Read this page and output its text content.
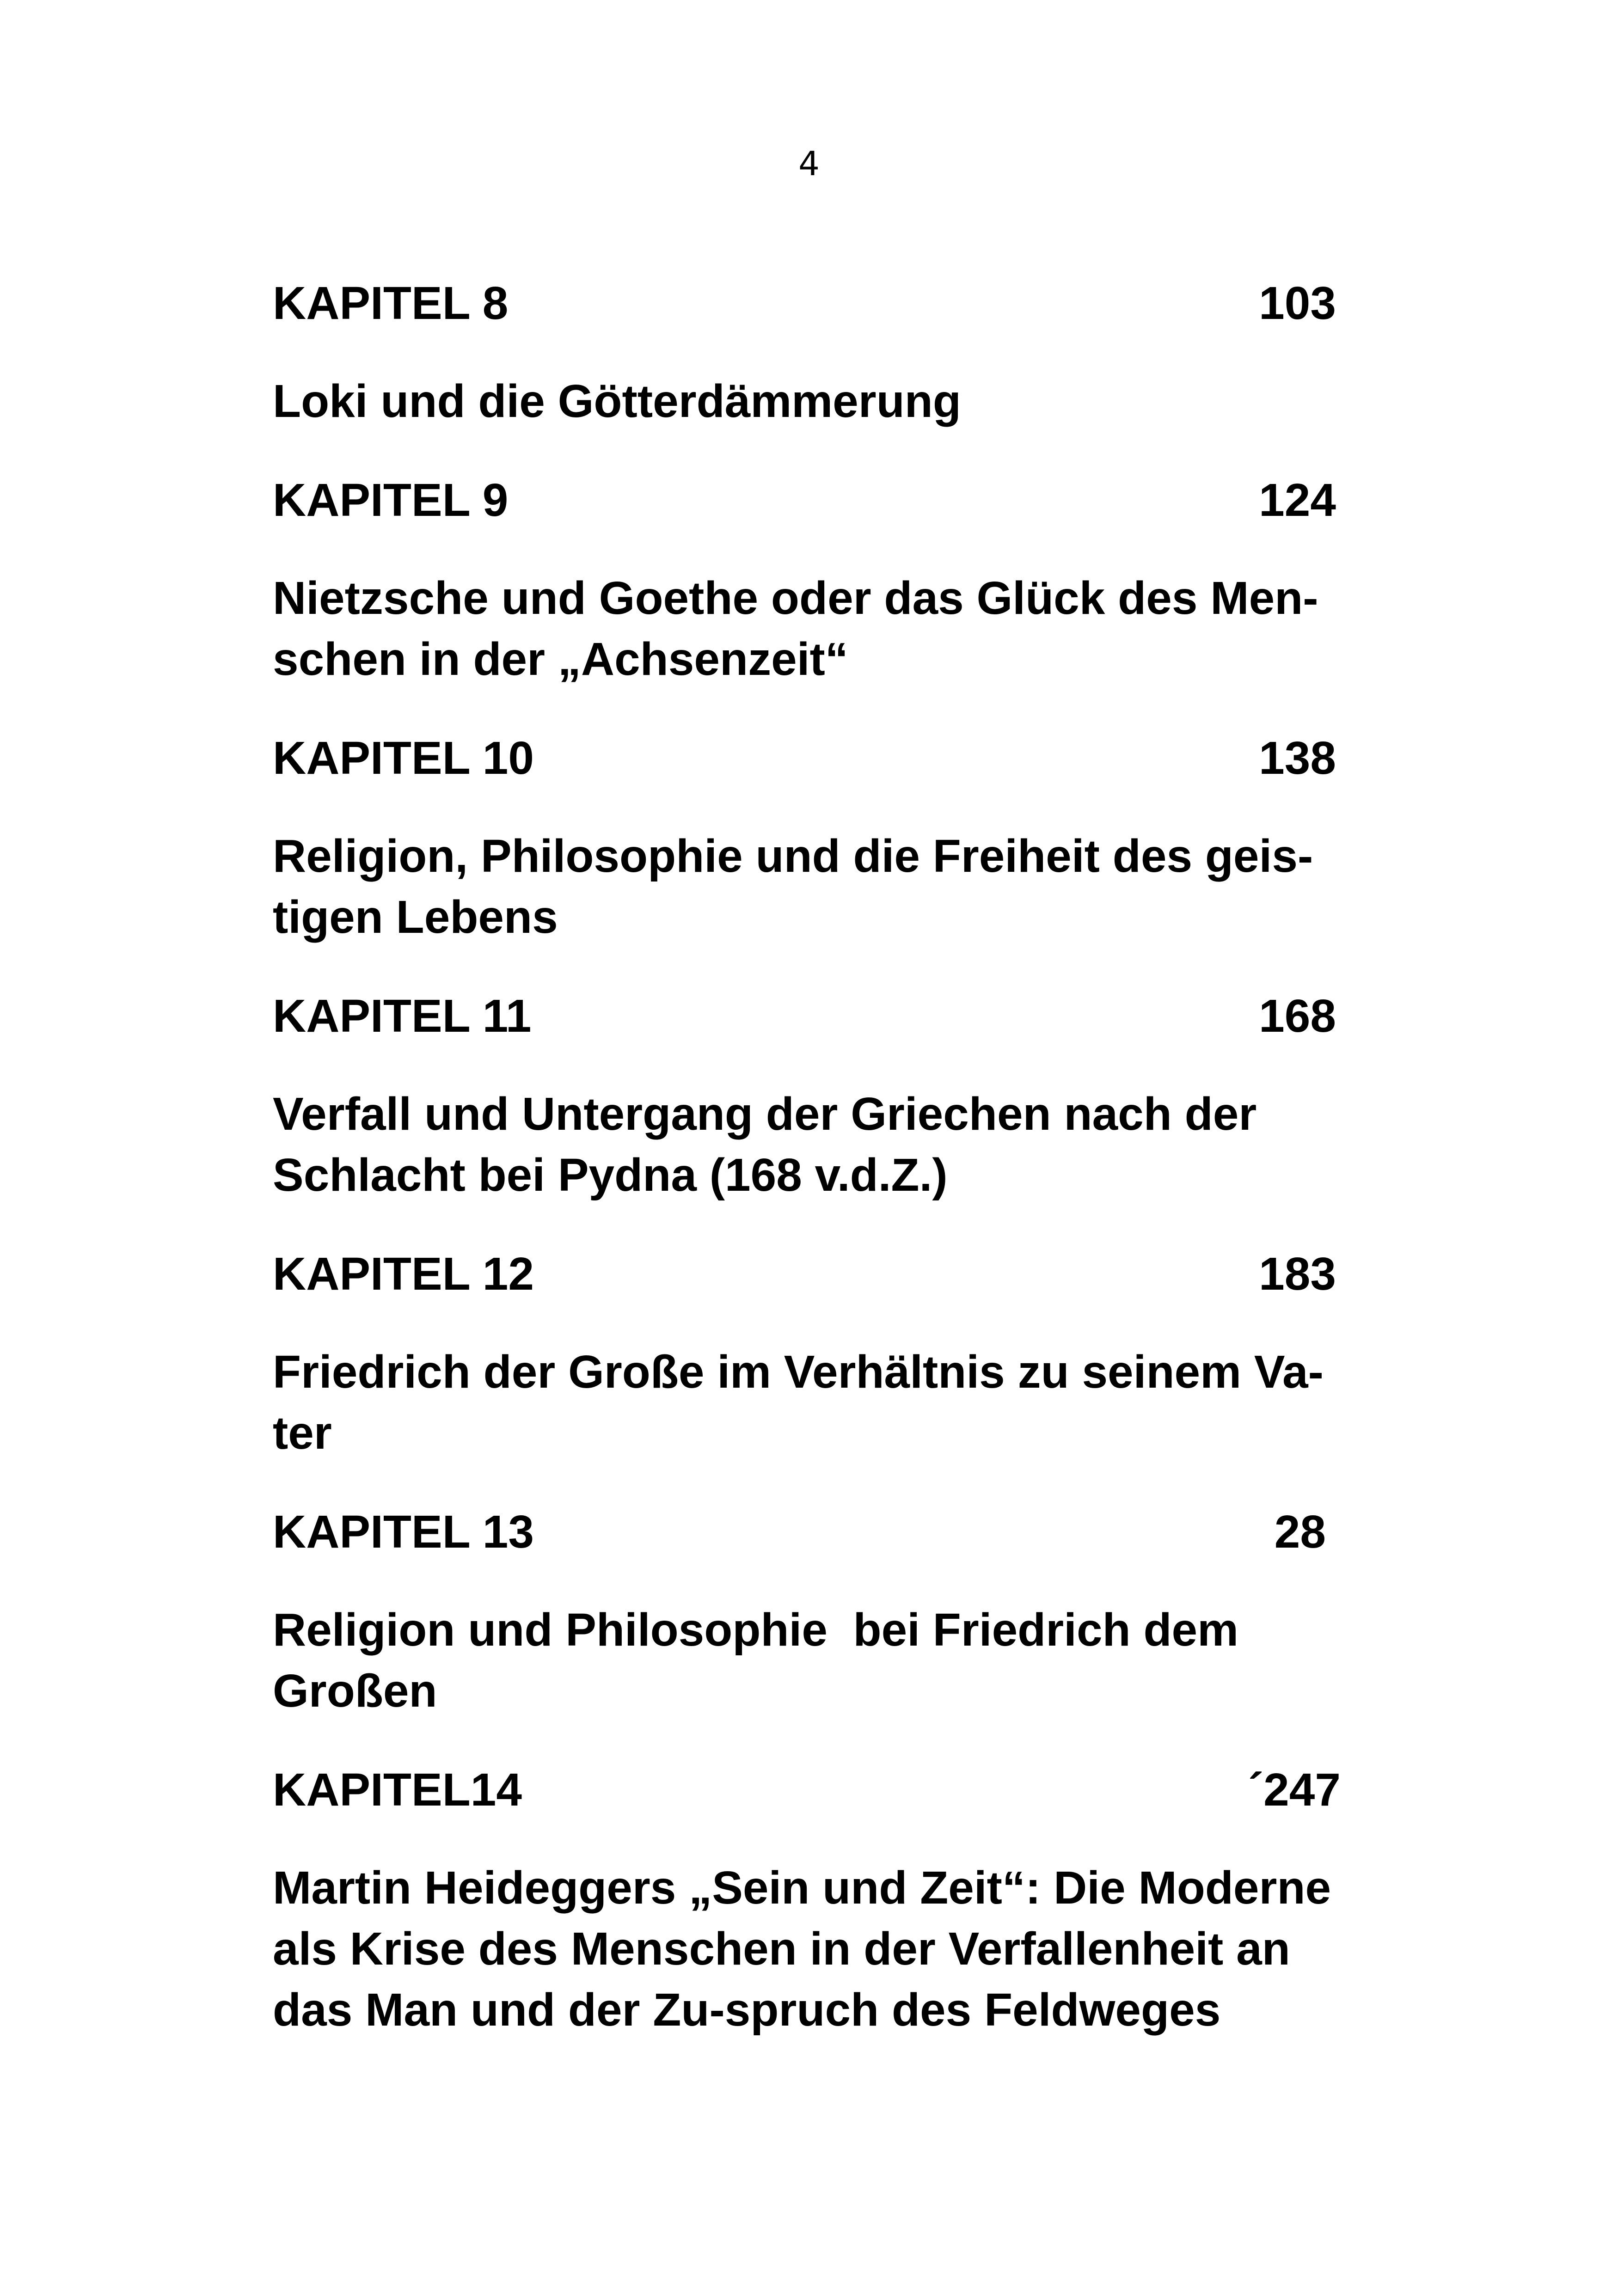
4
KAPITEL 8	103
Loki und die Götterdämmerung
KAPITEL 9	124
Nietzsche und Goethe oder das Glück des Men-
schen in der „Achsenzeit“
KAPITEL 10	138
Religion, Philosophie und die Freiheit des geis-
tigen Lebens
KAPITEL 11	168
Verfall und Untergang der Griechen nach der
Schlacht bei Pydna (168 v.d.Z.)
KAPITEL 12	183
Friedrich der Große im Verhältnis zu seinem Va-
ter
KAPITEL 13	28
Religion und Philosophie  bei Friedrich dem
Großen
KAPITEL14	´247
Martin Heideggers „Sein und Zeit“: Die Moderne
als Krise des Menschen in der Verfallenheit an
das Man und der Zu-spruch des Feldweges
